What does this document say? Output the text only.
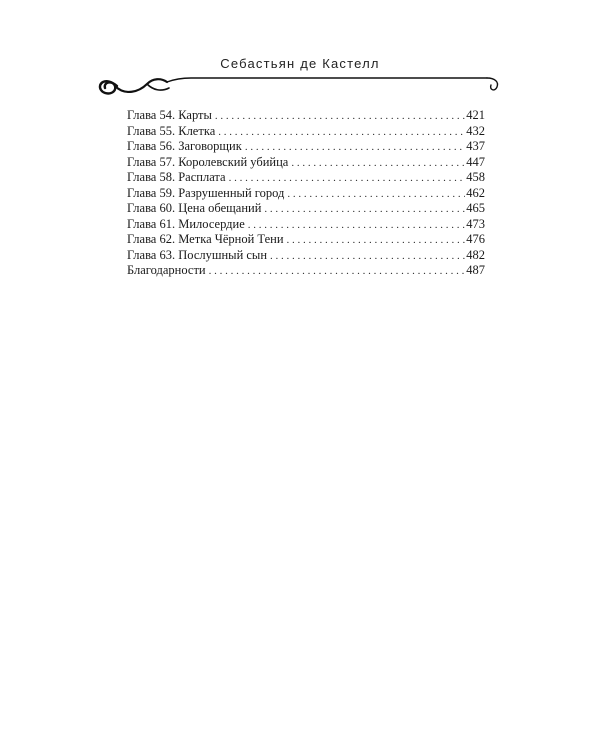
Себастьян де Кастелл
Глава 54. Карты . . .	421
Глава 55. Клетка . . .	432
Глава 56. Заговорщик . . .	437
Глава 57. Королевский убийца . . .	447
Глава 58. Расплата . . .	458
Глава 59. Разрушенный город . . .	462
Глава 60. Цена обещаний . . .	465
Глава 61. Милосердие . . .	473
Глава 62. Метка Чёрной Тени . . .	476
Глава 63. Послушный сын . . .	482
Благодарности . . .	487
